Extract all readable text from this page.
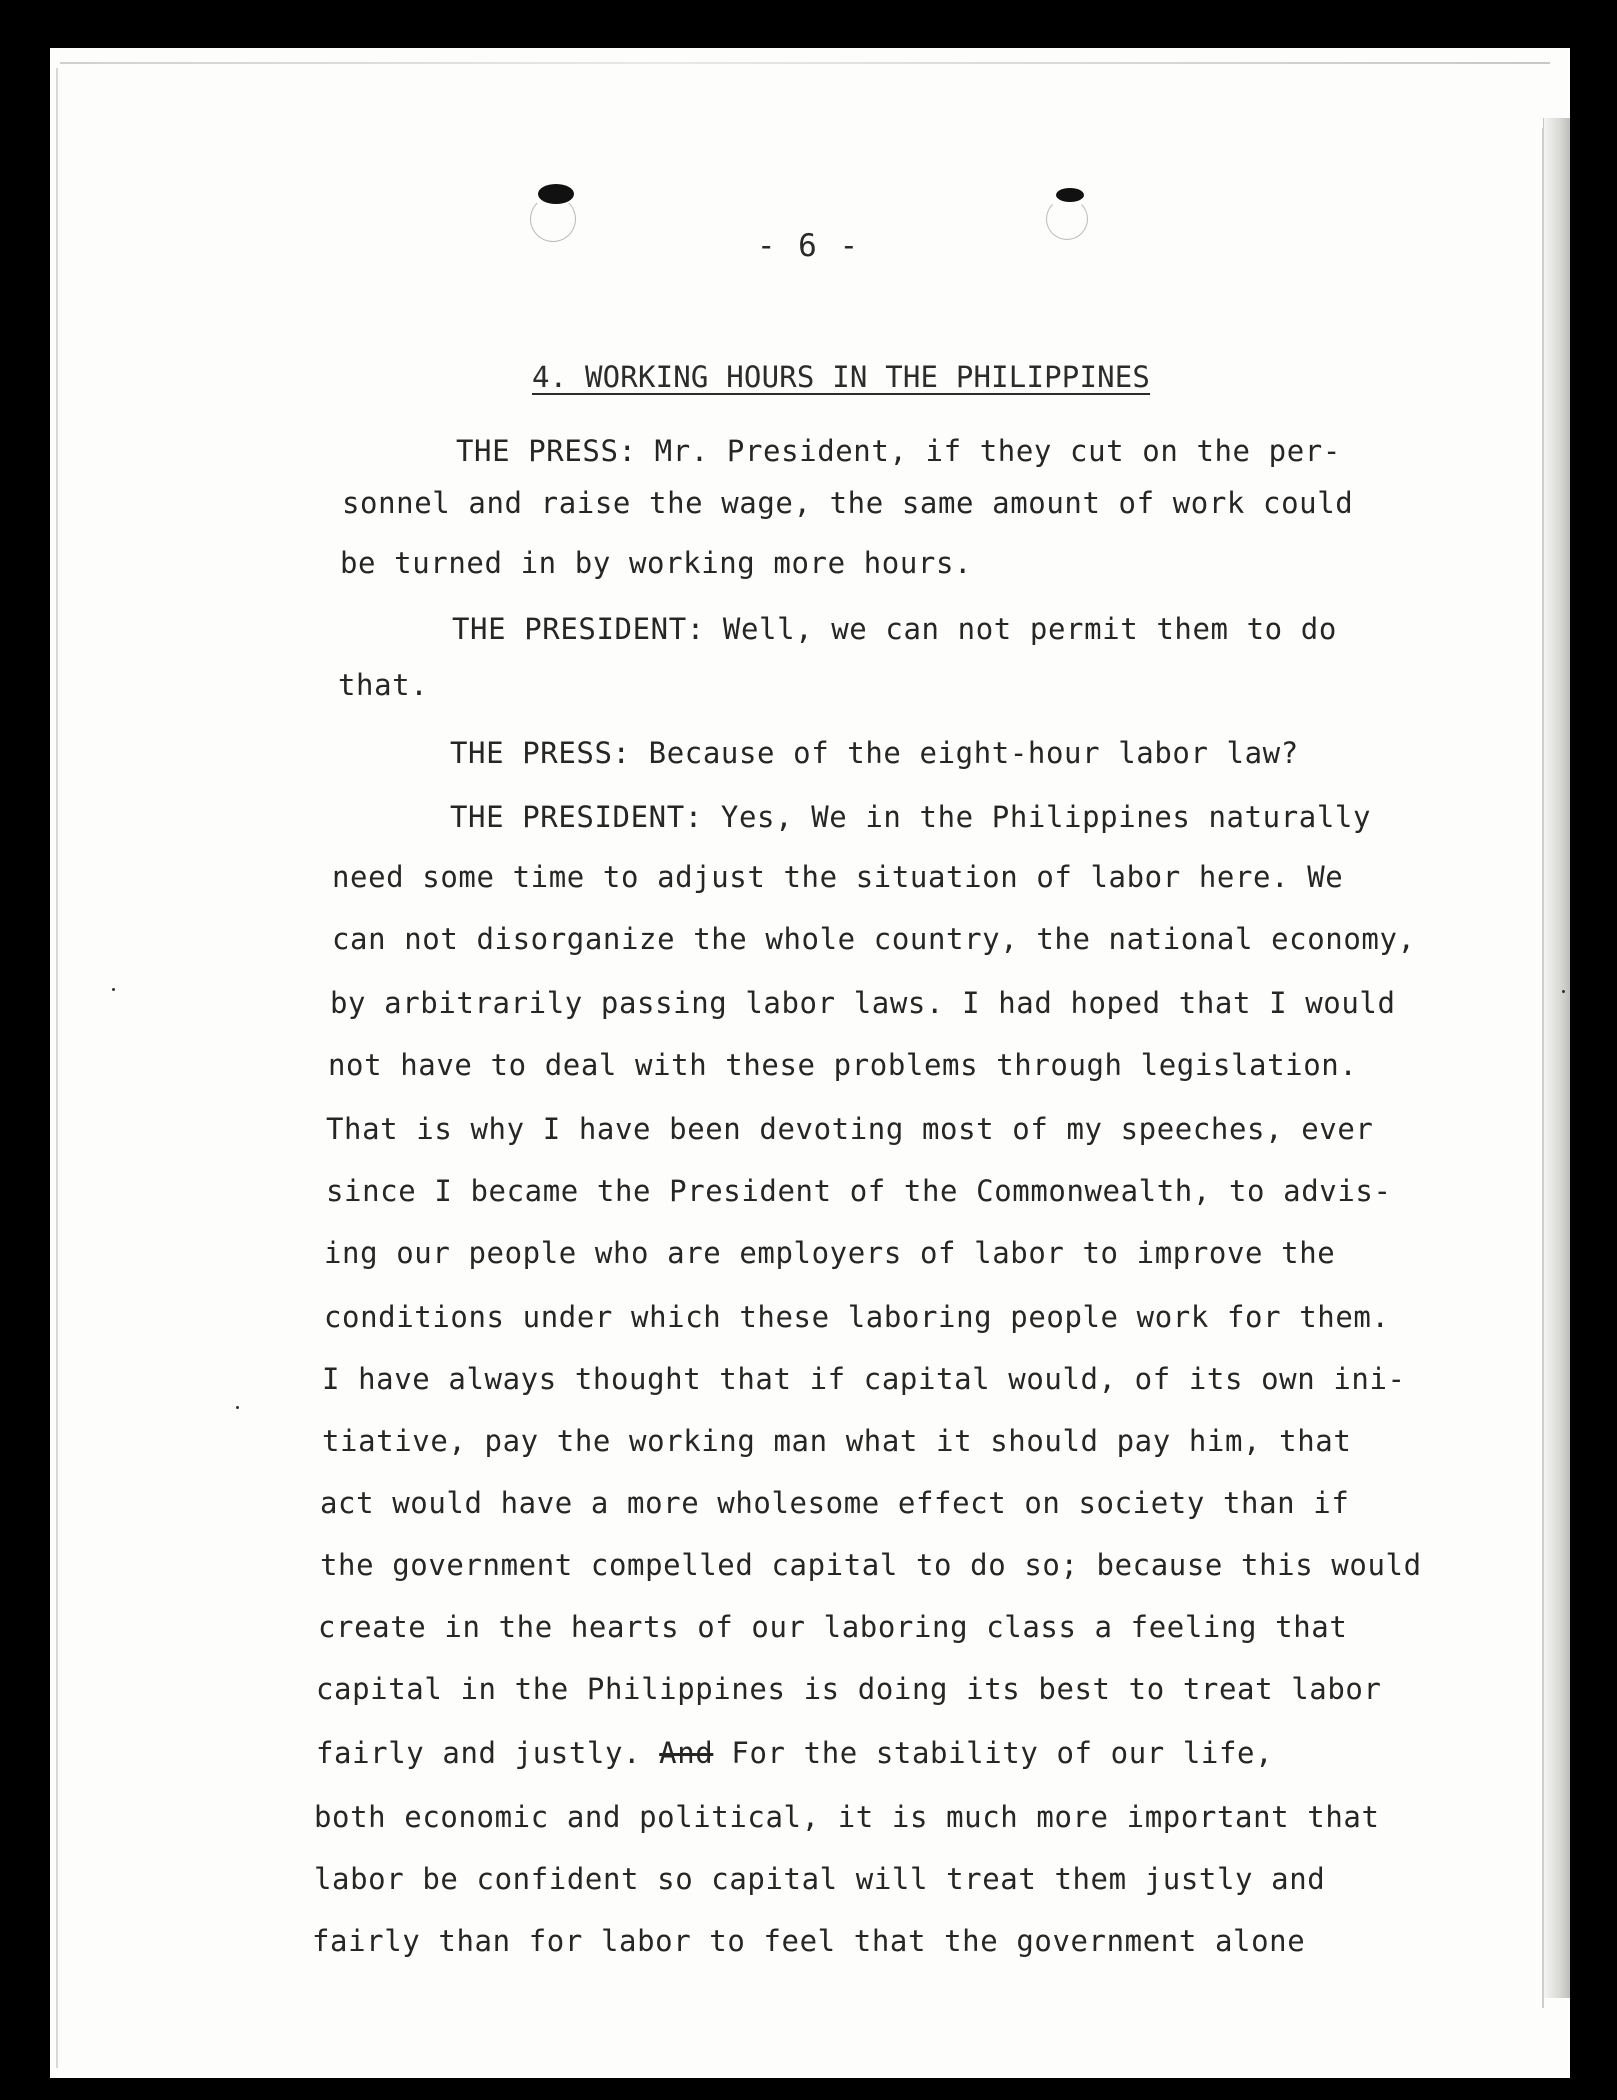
- 6 -
4. WORKING HOURS IN THE PHILIPPINES
THE PRESS: Mr. President, if they cut on the per-
sonnel and raise the wage, the same amount of work could
be turned in by working more hours.
THE PRESIDENT: Well, we can not permit them to do
that.
THE PRESS: Because of the eight-hour labor law?
THE PRESIDENT: Yes, We in the Philippines naturally
need some time to adjust the situation of labor here. We
can not disorganize the whole country, the national economy,
by arbitrarily passing labor laws. I had hoped that I would
not have to deal with these problems through legislation.
That is why I have been devoting most of my speeches, ever
since I became the President of the Commonwealth, to advis-
ing our people who are employers of labor to improve the
conditions under which these laboring people work for them.
I have always thought that if capital would, of its own ini-
tiative, pay the working man what it should pay him, that
act would have a more wholesome effect on society than if
the government compelled capital to do so; because this would
create in the hearts of our laboring class a feeling that
capital in the Philippines is doing its best to treat labor
fairly and justly. And For the stability of our life,
both economic and political, it is much more important that
labor be confident so capital will treat them justly and
fairly than for labor to feel that the government alone
